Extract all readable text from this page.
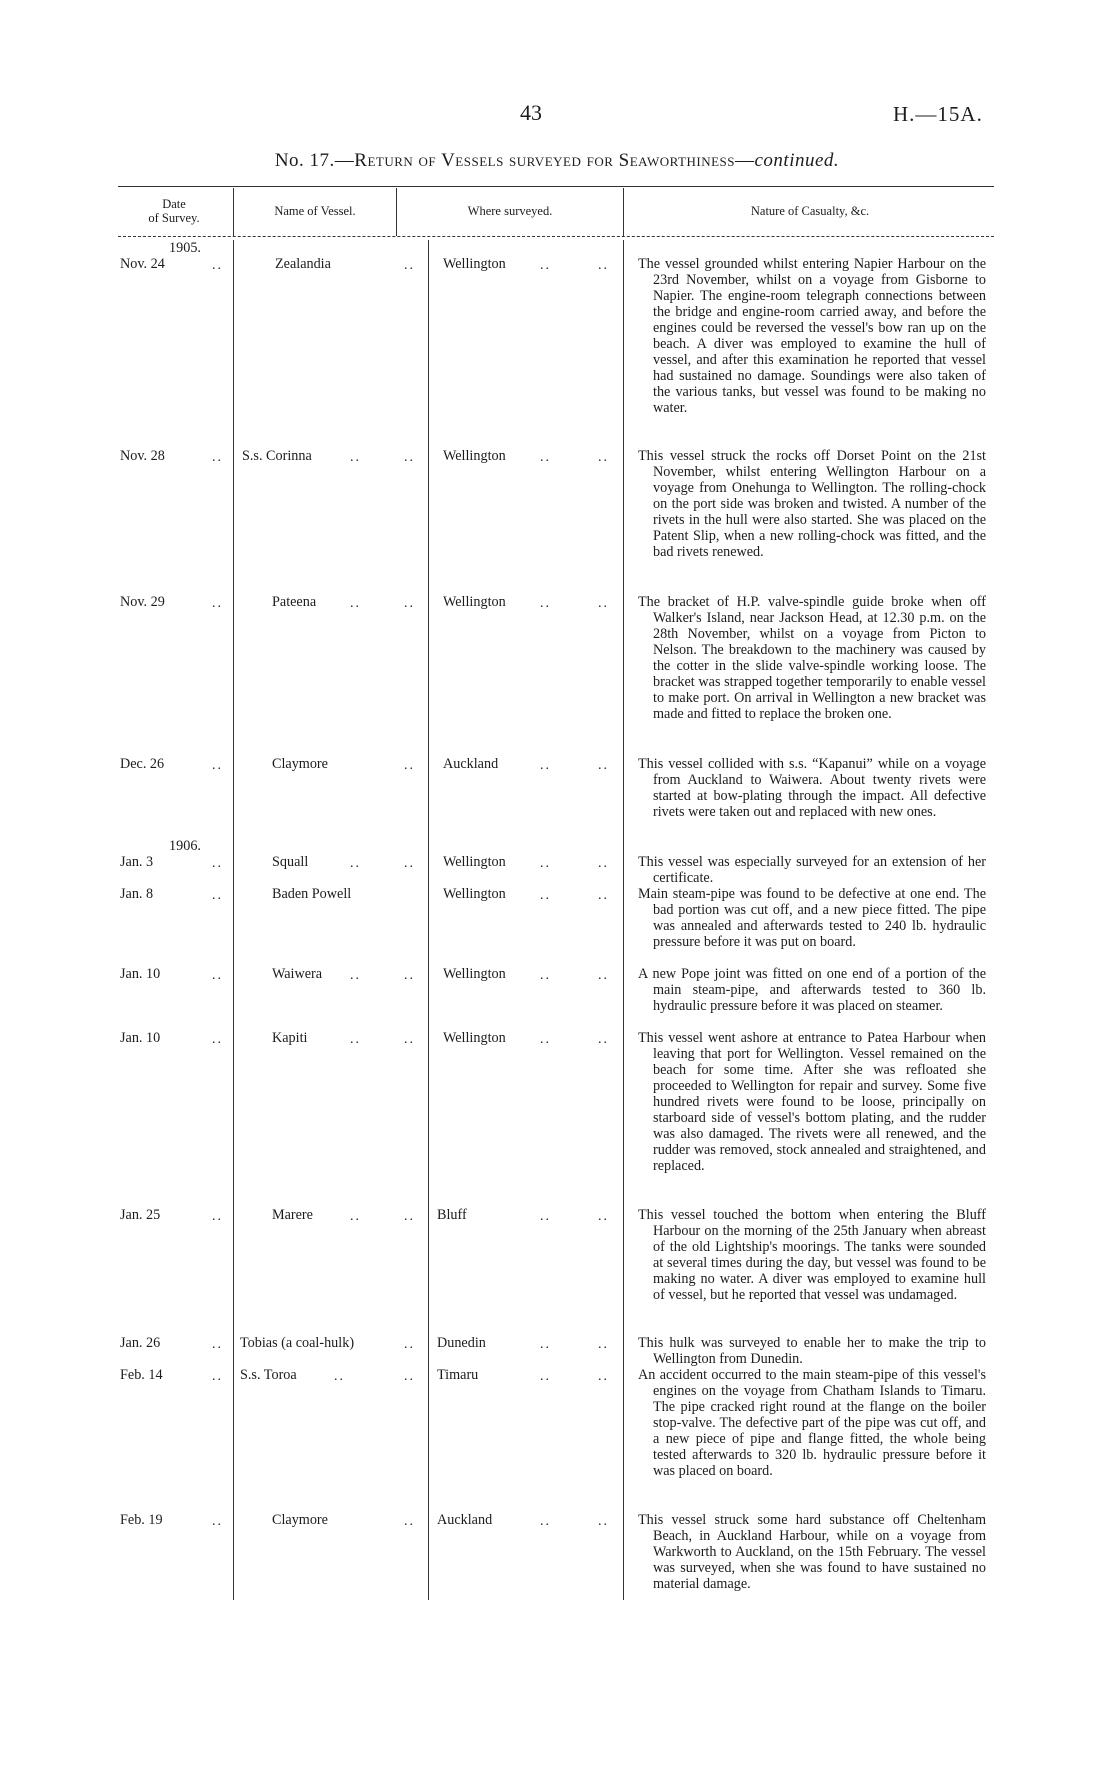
43	H.—15A.
No. 17.—Return of Vessels surveyed for Seaworthiness—continued.
Date
of Survey.	Name of Vessel.	Where surveyed.	Nature of Casualty, &c.
1905.
Nov. 24	..	Zealandia	.. Wellington	..	.. The vessel grounded whilst entering Napier Harbour on the 23rd November, whilst on a voyage from Gisborne to Napier. The engine-room telegraph connections between the bridge and engine-room carried away, and before the engines could be reversed the vessel's bow ran up on the beach. A diver was employed to examine the hull of vessel, and after this examination he reported that vessel had sustained no damage. Soundings were also taken of the various tanks, but vessel was found to be making no water.
Nov. 28	.. S.s. Corinna	..	.. Wellington	..	.. This vessel struck the rocks off Dorset Point on the 21st November, whilst entering Wellington Harbour on a voyage from Onehunga to Wellington. The rolling-chock on the port side was broken and twisted. A number of the rivets in the hull were also started. She was placed on the Patent Slip, when a new rolling-chock was fitted, and the bad rivets renewed.
Nov. 29	..	Pateena	..	.. Wellington	..	.. The bracket of H.P. valve-spindle guide broke when off Walker's Island, near Jackson Head, at 12.30 p.m. on the 28th November, whilst on a voyage from Picton to Nelson. The breakdown to the machinery was caused by the cotter in the slide valve-spindle working loose. The bracket was strapped together temporarily to enable vessel to make port. On arrival in Wellington a new bracket was made and fitted to replace the broken one.
Dec. 26	..	Claymore	.. Auckland	..	.. This vessel collided with s.s. “Kapanui” while on a voyage from Auckland to Waiwera. About twenty rivets were started at bow-plating through the impact. All defective rivets were taken out and replaced with new ones.
1906.
Jan. 3	..	Squall	..	.. Wellington	..	.. This vessel was especially surveyed for an extension of her certificate.
Jan. 8	..	Baden Powell	Wellington	..	.. Main steam-pipe was found to be defective at one end. The bad portion was cut off, and a new piece fitted. The pipe was annealed and afterwards tested to 240 lb. hydraulic pressure before it was put on board.
Jan. 10	..	Waiwera	..	.. Wellington	..	.. A new Pope joint was fitted on one end of a portion of the main steam-pipe, and afterwards tested to 360 lb. hydraulic pressure before it was placed on steamer.
Jan. 10	..	Kapiti	..	.. Wellington	..	.. This vessel went ashore at entrance to Patea Harbour when leaving that port for Wellington. Vessel remained on the beach for some time. After she was refloated she proceeded to Wellington for repair and survey. Some five hundred rivets were found to be loose, principally on starboard side of vessel's bottom plating, and the rudder was also damaged. The rivets were all renewed, and the rudder was removed, stock annealed and straightened, and replaced.
Jan. 25	..	Marere	..	.. Bluff	..	.. This vessel touched the bottom when entering the Bluff Harbour on the morning of the 25th January when abreast of the old Lightship's moorings. The tanks were sounded at several times during the day, but vessel was found to be making no water. A diver was employed to examine hull of vessel, but he reported that vessel was undamaged.
Jan. 26	.. Tobias (a coal-hulk)	.. Dunedin	..	.. This hulk was surveyed to enable her to make the trip to Wellington from Dunedin.
Feb. 14	.. S.s. Toroa	..	.. Timaru	..	.. An accident occurred to the main steam-pipe of this vessel's engines on the voyage from Chatham Islands to Timaru. The pipe cracked right round at the flange on the boiler stop-valve. The defective part of the pipe was cut off, and a new piece of pipe and flange fitted, the whole being tested afterwards to 320 lb. hydraulic pressure before it was placed on board.
Feb. 19	..	Claymore	.. Auckland	..	.. This vessel struck some hard substance off Cheltenham Beach, in Auckland Harbour, while on a voyage from Warkworth to Auckland, on the 15th February. The vessel was surveyed, when she was found to have sustained no material damage.
